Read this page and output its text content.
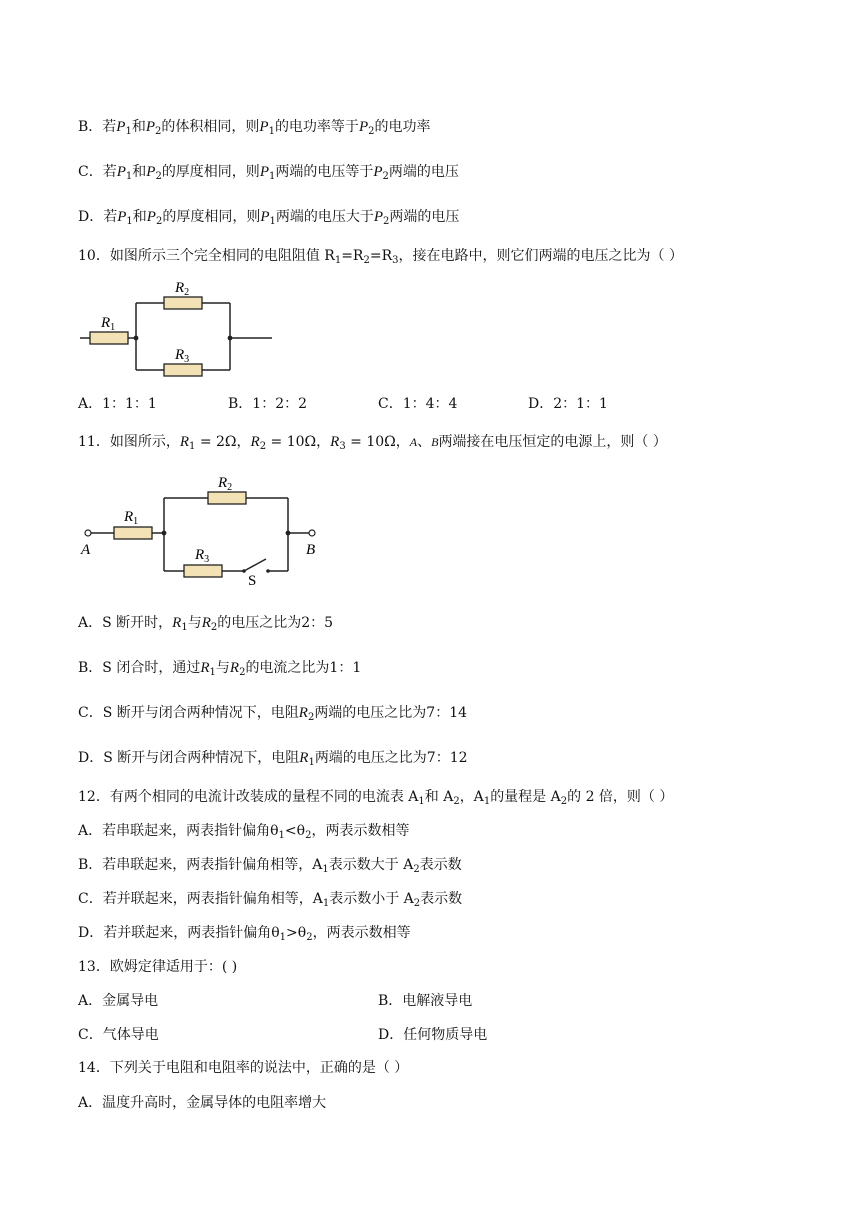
B．若$P_1$和$P_2$的体积相同，则$P_1$的电功率等于$P_2$的电功率
C．若$P_1$和$P_2$的厚度相同，则$P_1$两端的电压等于$P_2$两端的电压
D．若$P_1$和$P_2$的厚度相同，则$P_1$两端的电压大于$P_2$两端的电压
10．如图所示三个完全相同的电阻阻值 $R_1=R_2=R_3$，接在电路中，则它们两端的电压之比为（ ）
$R_1$
$R_2$
$R_3$
A．1：1：1	B．1：2：2	C．1：4：4	D．2：1：1
11．如图所示，$R_1 = 2\Omega$，$R_2 = 10\Omega$，$R_3 = 10\Omega$，A、B两端接在电压恒定的电源上，则（ ）
A	B
$R_1$
$R_2$
$R_3$
S
A．S 断开时，$R_1$与$R_2$的电压之比为2：5
B．S 闭合时，通过$R_1$与$R_2$的电流之比为1：1
C．S 断开与闭合两种情况下，电阻$R_2$两端的电压之比为7：14
D．S 断开与闭合两种情况下，电阻$R_1$两端的电压之比为7：12
12．有两个相同的电流计改装成的量程不同的电流表 $A_1$和 $A_2$，$A_1$的量程是 $A_2$的 2 倍，则（ ）
A．若串联起来，两表指针偏角$\theta_1<\theta_2$，两表示数相等
B．若串联起来，两表指针偏角相等，$A_1$表示数大于 $A_2$表示数
C．若并联起来，两表指针偏角相等，$A_1$表示数小于 $A_2$表示数
D．若并联起来，两表指针偏角$\theta_1>\theta_2$，两表示数相等
13．欧姆定律适用于：( )
A．金属导电	B．电解液导电
C．气体导电	D．任何物质导电
14．下列关于电阻和电阻率的说法中，正确的是（ ）
A．温度升高时，金属导体的电阻率增大
